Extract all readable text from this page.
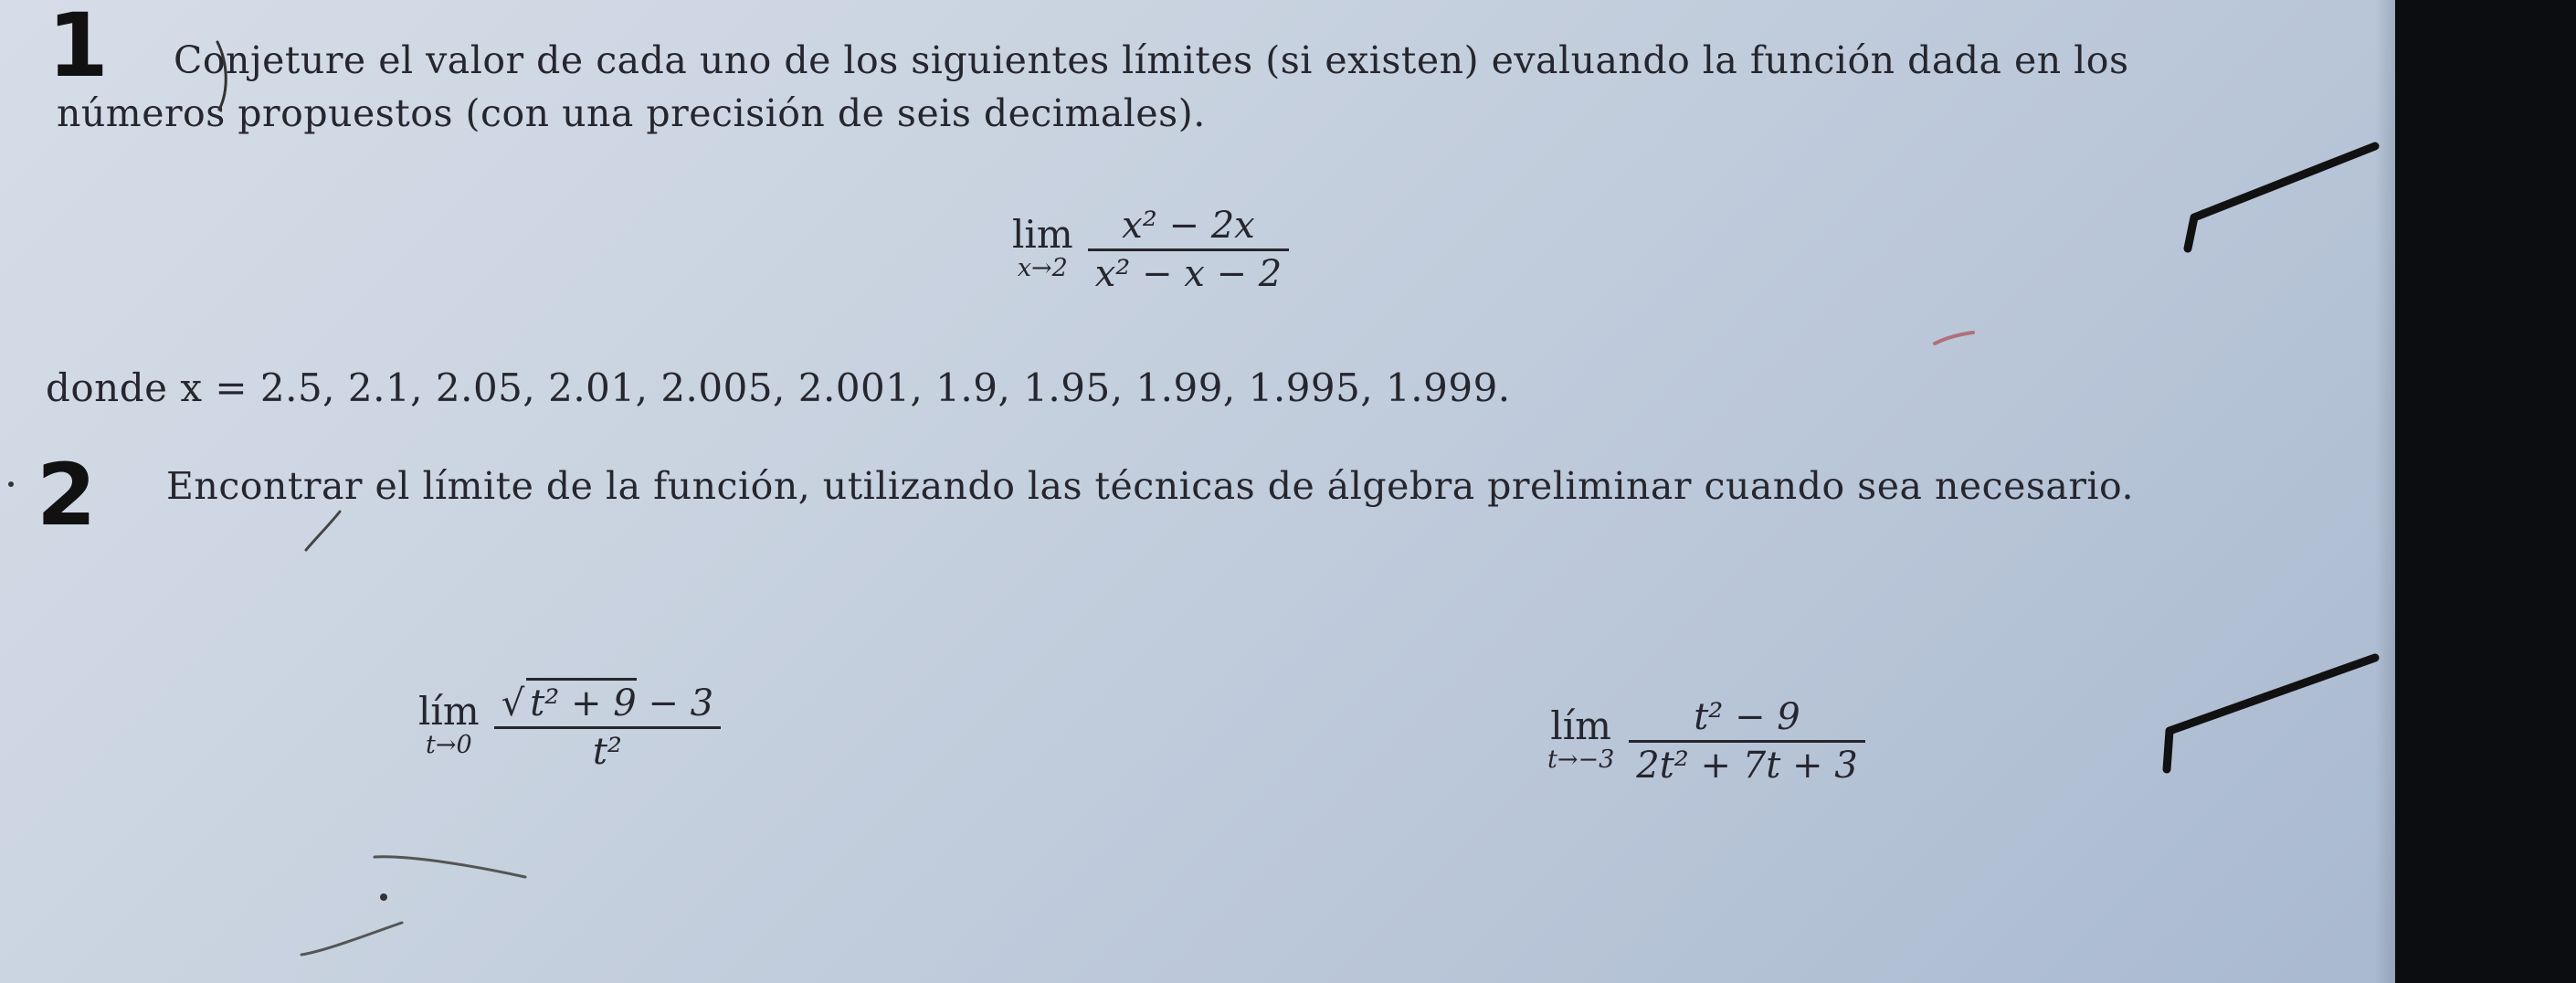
1 Conjeture el valor de cada uno de los siguientes límites (si existen) evaluando la función dada en los
números propuestos (con una precisión de seis decimales).
lim
$x\to 2 \frac{\text{x² − 2x}}{\text{x² − x − 2}}$
donde x = 2.5, 2.1, 2.05, 2.01, 2.005, 2.001, 1.9, 1.95, 1.99, 1.995, 1.999.
2 Encontrar el límite de la función, utilizando las técnicas de álgebra preliminar cuando sea necesario.
lím
$t\to 0 \frac{\text{√ t² + 9 − 3}}{\text{t²}}$	lím
$t\to-3 \frac{\text{t² − 9}}{\text{2t² + 7t + 3}}$
